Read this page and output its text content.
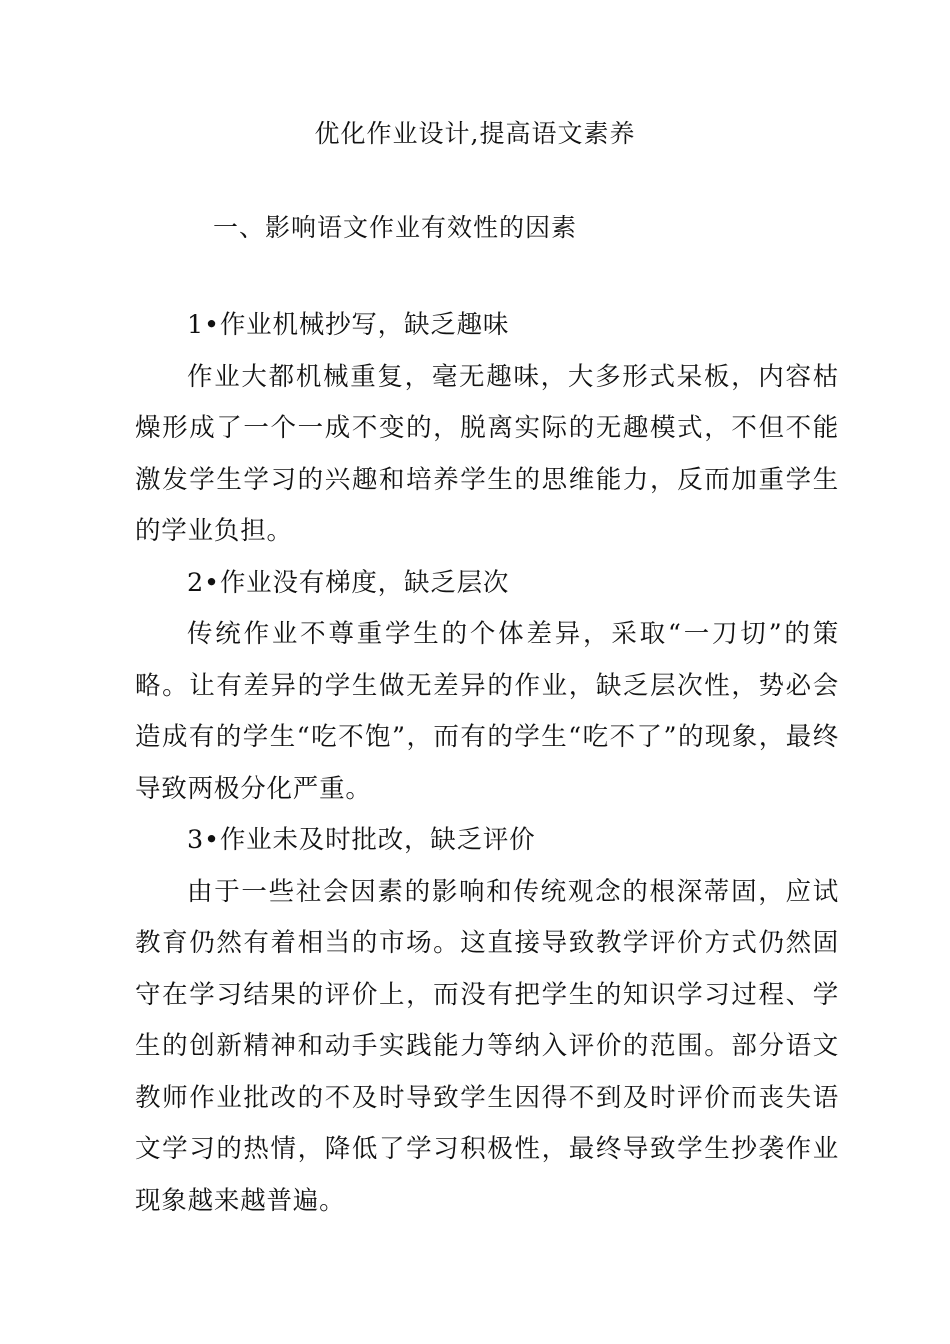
优化作业设计,提高语文素养
一、影响语文作业有效性的因素
1•作业机械抄写，缺乏趣味
作业大都机械重复，毫无趣味，大多形式呆板，内容枯燥形成了一个一成不变的，脱离实际的无趣模式，不但不能激发学生学习的兴趣和培养学生的思维能力，反而加重学生的学业负担。
2•作业没有梯度，缺乏层次
传统作业不尊重学生的个体差异，采取“一刀切”的策略。让有差异的学生做无差异的作业，缺乏层次性，势必会造成有的学生“吃不饱”，而有的学生“吃不了”的现象，最终导致两极分化严重。
3•作业未及时批改，缺乏评价
由于一些社会因素的影响和传统观念的根深蒂固，应试教育仍然有着相当的市场。这直接导致教学评价方式仍然固守在学习结果的评价上，而没有把学生的知识学习过程、学生的创新精神和动手实践能力等纳入评价的范围。部分语文教师作业批改的不及时导致学生因得不到及时评价而丧失语文学习的热情，降低了学习积极性，最终导致学生抄袭作业现象越来越普遍。
